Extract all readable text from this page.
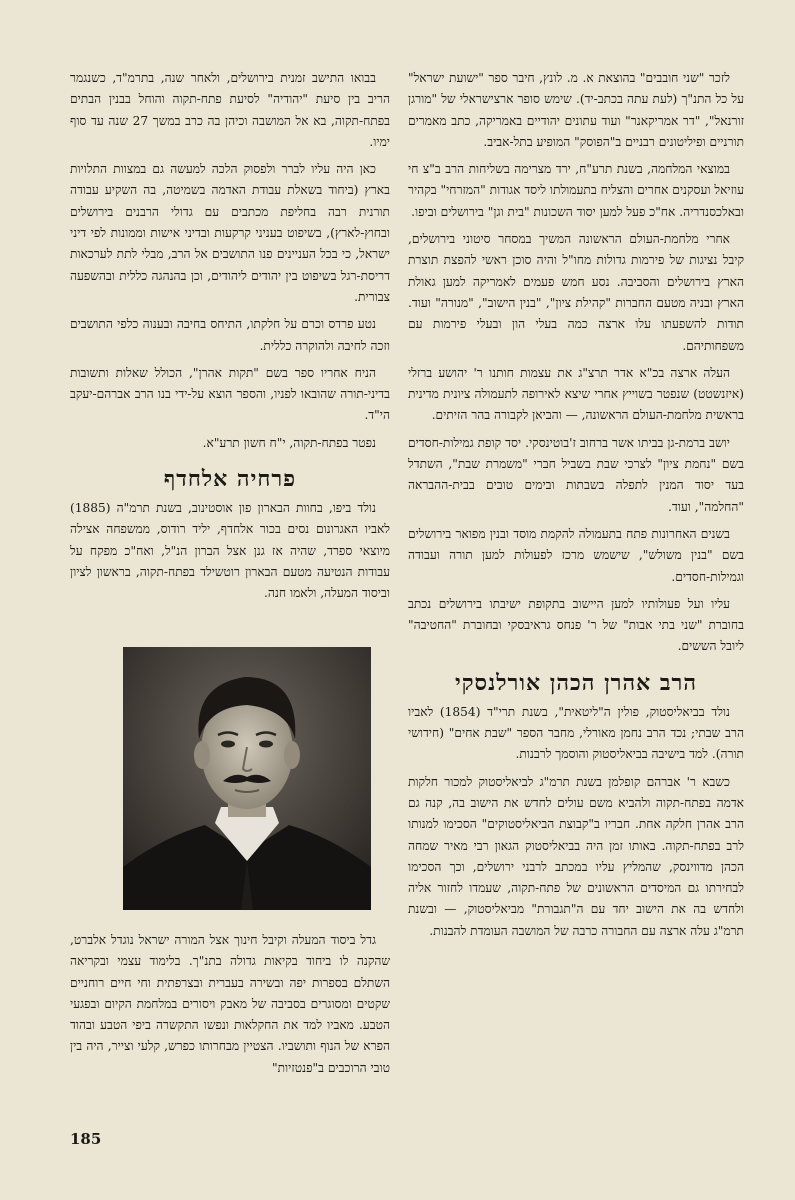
לזכר "שני חובבים" בהוצאת א. מ. לונץ, חיבר ספר "ישועת ישראל" על כל התנ"ך (לעת עתה בכתב-יד). שימש סופר ארצישראלי של "מורגן זורנאל", "דר אמריקאנר" ועוד עתונים יהודיים באמריקה, כתב מאמרים תורניים ופיליטונים רבניים ב"הפוסק" המופיע בתל-אביב.

במוצאי המלחמה, בשנת תרע"ח, ירד מצרימה בשליחות הרב ב"צ חי עוזיאל ועסקנים אחרים והצליח בתעמולתו ליסד אגודות "המזרחי" בקהיר ובאלכסנדריה. אח"כ פעל למען יסוד השכונות "בית וגן" בירושלים וביפו.

אחרי מלחמת-העולם הראשונה המשיך במסחר סיטוני בירושלים, קיבל נציגות של פירמות גדולות מחו"ל והיה סוכן ראשי להפצת תוצרת הארץ בירושלים והסביבה. נסע חמש פעמים לאמריקה למען גאולת הארץ ובניה מטעם החברות "קהילת ציון", "בנין הישוב", "מנורה" ועוד. תודות להשפעתו עלו ארצה כמה בעלי הון ובעלי פירמות עם משפחותיהם.

העלה ארצה בכ"א אדר תרצ"ג את עצמות חותנו ר' יהושע ברזלי (איזנשטט) שנפטר בשוייץ אחרי שיצא לאירופה לתעמולה ציונית מדינית בראשית מלחמת-העולם הראשונה, — והביאן לקבורה בהר הזיתים.

יושב ברמת-גן בביתו אשר ברחוב ז'בוטינסקי. יסד קופת גמילות-חסדים בשם "נחמת ציון" לצרכי שבת בשביל חברי "משמרת שבת", השתדל בעד יסוד המנין לתפלה בשבתות ובימים טובים בבית-ההבראה "החלמה", ועוד.

בשנים האחרונות פתח בתעמולה להקמת מוסד ובנין מפואר בירושלים בשם "בנין משולש", שישמש מרכז לפעולות למען תורה ועבודה וגמילות-חסדים.

עליו ועל פעולותיו למען היישוב בתקופת ישיבתו בירושלים נכתב בחוברת "שני בתי אבות" של ר' פנחס גראיבסקי ובחוברת "החטיבה" ליובל הששים.

הרב אהרן הכהן אורלנסקי

נולד בביאליסטוק, פולין ה"ליטאית", בשנת תרי"ד (1854) לאביו הרב שבתי; נכד הרב נחמן מאורלי, מחבר הספר "שבת אחים" (חידושי תורה). למד בישיבה בביאליסטוק והוסמך לרבנות.

כשבא ר' אברהם קופלמן בשנת תרמ"ג לביאליסטוק למכור חלקות אדמה בפתח-תקוה ולהביא משם עולים לחדש את הישוב בה, קנה גם הרב אהרן חלקה אחת. חבריו ב"קבוצת הביאליסטוקים" הסכימו למנותו לרב בפתח-תקוה. באותו זמן היה בביאליסטוק הגאון רבי מאיר שמחה הכהן מדווינסק, שהמליץ עליו במכתב לרבני ירושלים, וכך הסכימו לבחירתו גם המיסדים הראשונים של פתח-תקוה, שעמדו לחזור אליה ולחדש בה את הישוב יחד עם ה"תגבורת" מביאליסטוק, — ובשנת תרמ"ג עלה ארצה עם החבורה כרבה של המושבה העומדת להבנות.

בבואו התישב זמנית בירושלים, ולאחר שנה, בתרמ"ד, כשנגמר הריב בין סיעת "יהודיה" לסיעת פתח-תקוה והוחל בבנין הבתים בפתח-תקוה, בא אל המושבה וכיהן בה כרב במשך 27 שנה עד סוף ימיו.

כאן היה עליו לברר ולפסוק הלכה למעשה גם במצוות התלויות בארץ (ביחוד בשאלת עבודת האדמה בשמיטה, בה השקיע עבודה תורנית רבה בחליפת מכתבים עם גדולי הרבנים בירושלים ובחוץ-לארץ), בשיפוט בעניני קרקעות ובדיני אישות וממונות לפי דיני ישראל, כי בכל העניינים פנו התושבים אל הרב, מבלי לתת לערכאות דריסת-רגל בשיפוט בין יהודים ליהודים, וכן בהנהגה כללית ובהשפעה צבורית.

נטע פרדס וכרם על חלקתו, התיחס בחיבה ובענוה כלפי התושבים וזכה לחיבה ולהוקרה כללית.

הניח אחריו ספר בשם "תקות אהרן", הכולל שאלות ותשובות בדיני-תורה שהובאו לפניו, והספר הוצא על-ידי בנו הרב אברהם-יעקב הי"ד.

נפטר בפתח-תקוה, י"ח חשון תרע"א.

פרחיה אלחדף

נולד ביפו, בחוות הבארון פון אוסטינוב, בשנת תרמ"ה (1885) לאביו האגרונום נסים בכור אלחדף, יליד רודוס, ממשפחה אצילה מיוצאי ספרד, שהיה אז גנן אצל הברון הנ"ל, ואח"כ מפקח על עבודות הנטיעה מטעם הבארון רוטשילד בפתח-תקוה, בראשון לציון וביסוד המעלה, ולאמו חנה.

גדל ביסוד המעלה וקיבל חינוך אצל המורה ישראל נוגדל אלברט, שהקנה לו ביחוד בקיאות גדולה בתנ"ך. בלימוד עצמי ובקריאה השתלם בספרות יפה ובשירה בעברית ובצרפתית וחי חיים רוחניים שקטים ומסוגרים בסביבה של מאבק ויסורים במלחמת הקיום ובפגעי הטבע. מאביו למד את החקלאות ונפשו התקשרה ביפי הטבע ובהוד הפרא של הנוף ותושביו. הצטיין מבחרותו כפרש, קלעי וצייר, היה בין טובי הרוכבים ב"פנטזיות"

185
